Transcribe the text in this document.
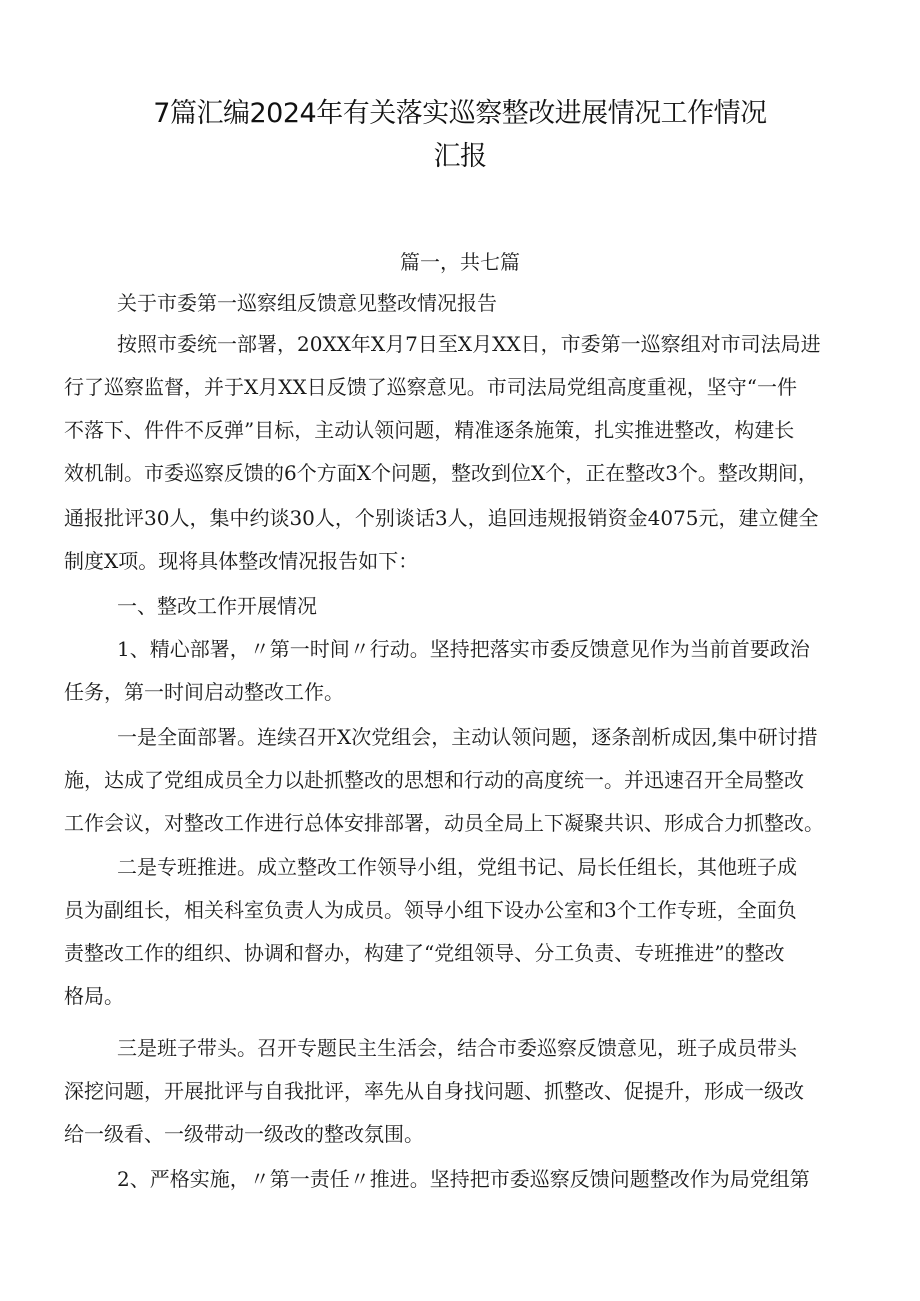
7篇汇编2024年有关落实巡察整改进展情况工作情况
汇报
篇一，共七篇
关于市委第一巡察组反馈意见整改情况报告
按照市委统一部署，20XX年X月7日至X月XX日，市委第一巡察组对市司法局进
行了巡察监督，并于X月XX日反馈了巡察意见。市司法局党组高度重视，坚守“一件
不落下、件件不反弹”目标，主动认领问题，精准逐条施策，扎实推进整改，构建长
效机制。市委巡察反馈的6个方面X个问题，整改到位X个，正在整改3个。整改期间，
通报批评30人，集中约谈30人，个别谈话3人，追回违规报销资金4075元，建立健全
制度X项。现将具体整改情况报告如下：
一、整改工作开展情况
1、精心部署，〃第一时间〃行动。坚持把落实市委反馈意见作为当前首要政治
任务，第一时间启动整改工作。
一是全面部署。连续召开X次党组会，主动认领问题，逐条剖析成因,集中研讨措
施，达成了党组成员全力以赴抓整改的思想和行动的高度统一。并迅速召开全局整改
工作会议，对整改工作进行总体安排部署，动员全局上下凝聚共识、形成合力抓整改。
二是专班推进。成立整改工作领导小组，党组书记、局长任组长，其他班子成
员为副组长，相关科室负责人为成员。领导小组下设办公室和3个工作专班，全面负
责整改工作的组织、协调和督办，构建了“党组领导、分工负责、专班推进”的整改
格局。
三是班子带头。召开专题民主生活会，结合市委巡察反馈意见，班子成员带头
深挖问题，开展批评与自我批评，率先从自身找问题、抓整改、促提升，形成一级改
给一级看、一级带动一级改的整改氛围。
2、严格实施，〃第一责任〃推进。坚持把市委巡察反馈问题整改作为局党组第
